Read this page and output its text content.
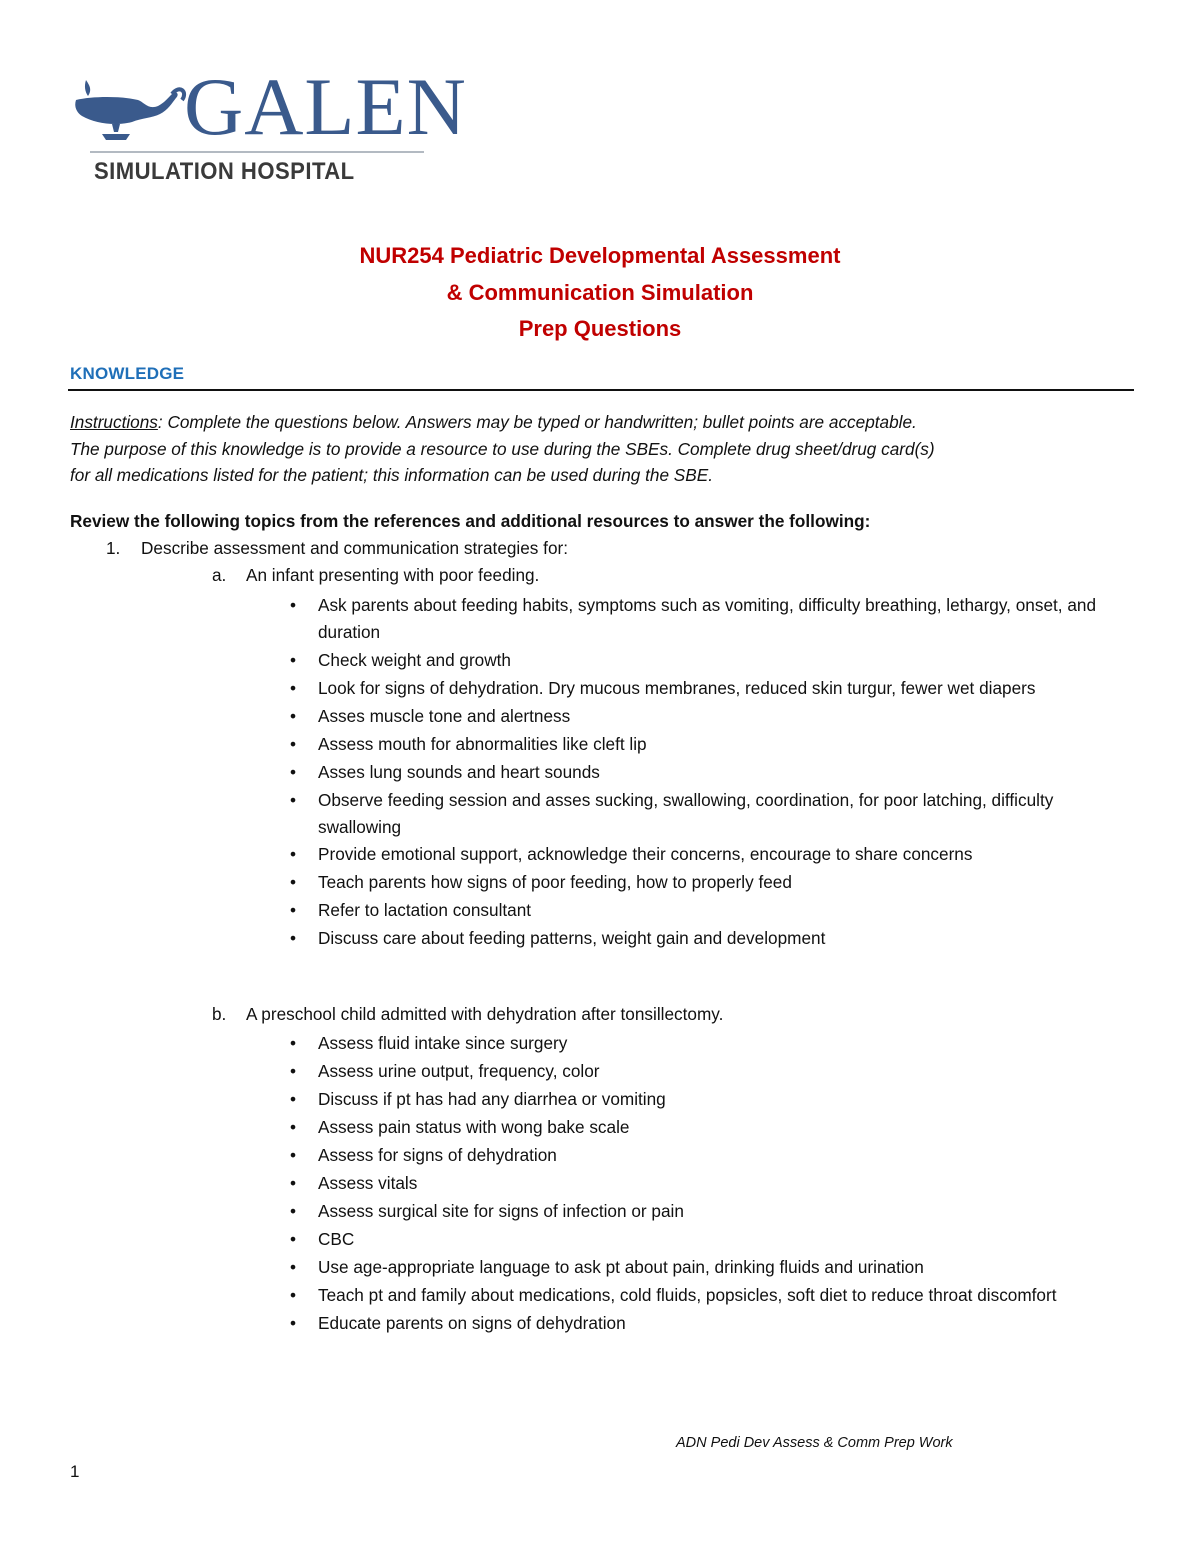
GALEN
SIMULATION HOSPITAL
NUR254 Pediatric Developmental Assessment
& Communication Simulation
Prep Questions
KNOWLEDGE
Instructions: Complete the questions below. Answers may be typed or handwritten; bullet points are acceptable.
The purpose of this knowledge is to provide a resource to use during the SBEs. Complete drug sheet/drug card(s)
for all medications listed for the patient; this information can be used during the SBE.
Review the following topics from the references and additional resources to answer the following:
1. Describe assessment and communication strategies for:
a. An infant presenting with poor feeding.
•	Ask parents about feeding habits, symptoms such as vomiting, difficulty breathing, lethargy, onset, and duration
•	Check weight and growth
•	Look for signs of dehydration. Dry mucous membranes, reduced skin turgur, fewer wet diapers
•	Asses muscle tone and alertness
•	Assess mouth for abnormalities like cleft lip
•	Asses lung sounds and heart sounds
•	Observe feeding session and asses sucking, swallowing, coordination, for poor latching, difficulty swallowing
•	Provide emotional support, acknowledge their concerns, encourage to share concerns
•	Teach parents how signs of poor feeding, how to properly feed
•	Refer to lactation consultant
•	Discuss care about feeding patterns, weight gain and development
b. A preschool child admitted with dehydration after tonsillectomy.
•	Assess fluid intake since surgery
•	Assess urine output, frequency, color
•	Discuss if pt has had any diarrhea or vomiting
•	Assess pain status with wong bake scale
•	Assess for signs of dehydration
•	Assess vitals
•	Assess surgical site for signs of infection or pain
•	CBC
•	Use age-appropriate language to ask pt about pain, drinking fluids and urination
•	Teach pt and family about medications, cold fluids, popsicles, soft diet to reduce throat discomfort
•	Educate parents on signs of dehydration
ADN Pedi Dev Assess & Comm Prep Work
1
